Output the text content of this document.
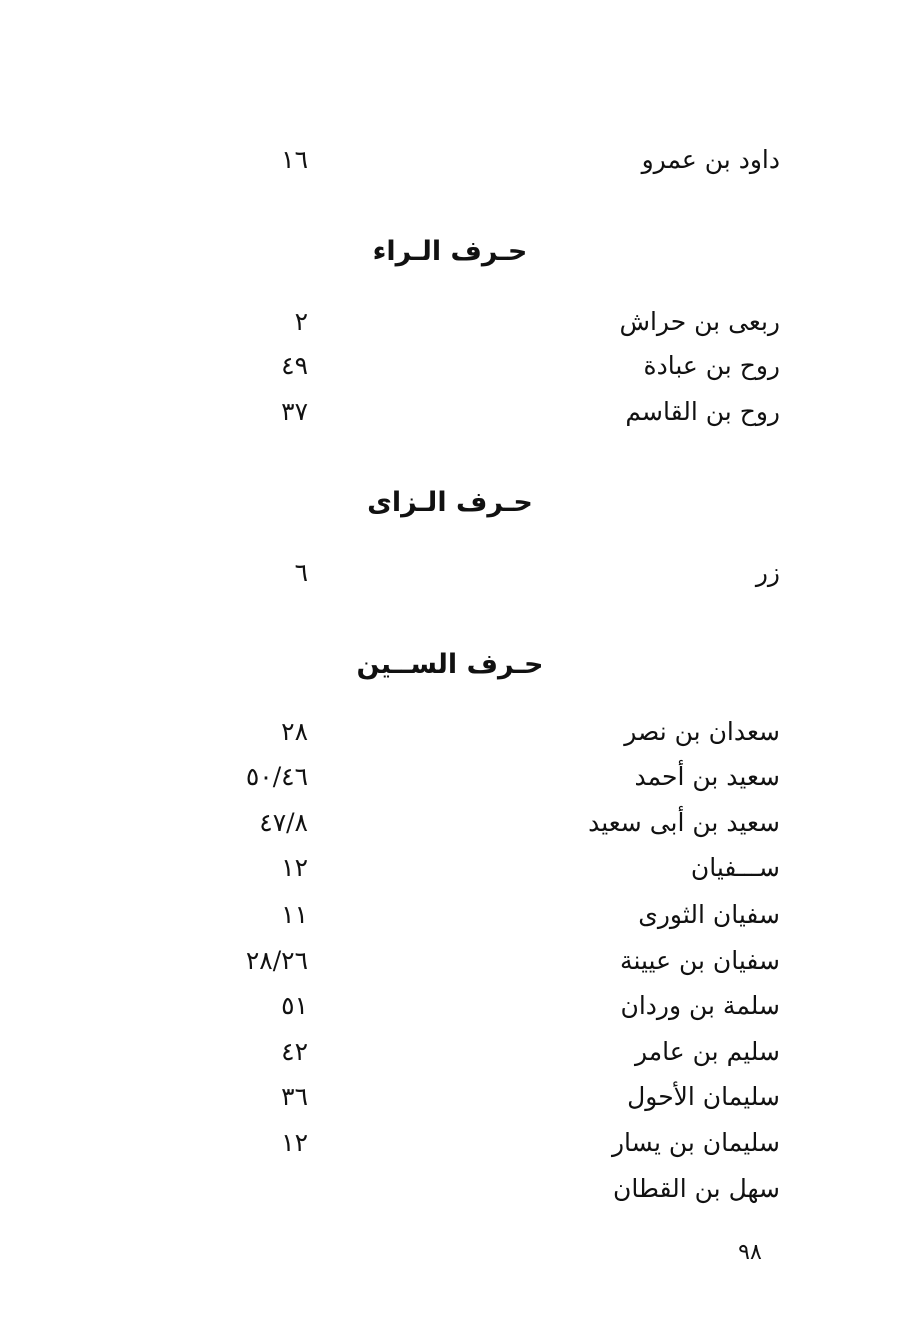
داود بن عمرو
١٦
حـرف الـراء
ربعى بن حراش
٢
روح بن عبادة
٤٩
روح بن القاسم
٣٧
حـرف الـزاى
زر
٦
حـرف الســين
سعدان بن نصر
٢٨
سعيد بن أحمد
٥٠/٤٦
سعيد بن أبى سعيد
٤٧/٨
ســـفيان
١٢
سفيان الثورى
١١
سفيان بن عيينة
٢٨/٢٦
سلمة بن وردان
٥١
سليم بن عامر
٤٢
سليمان الأحول
٣٦
سليمان بن يسار
١٢
سهل بن القطان
٩٨
